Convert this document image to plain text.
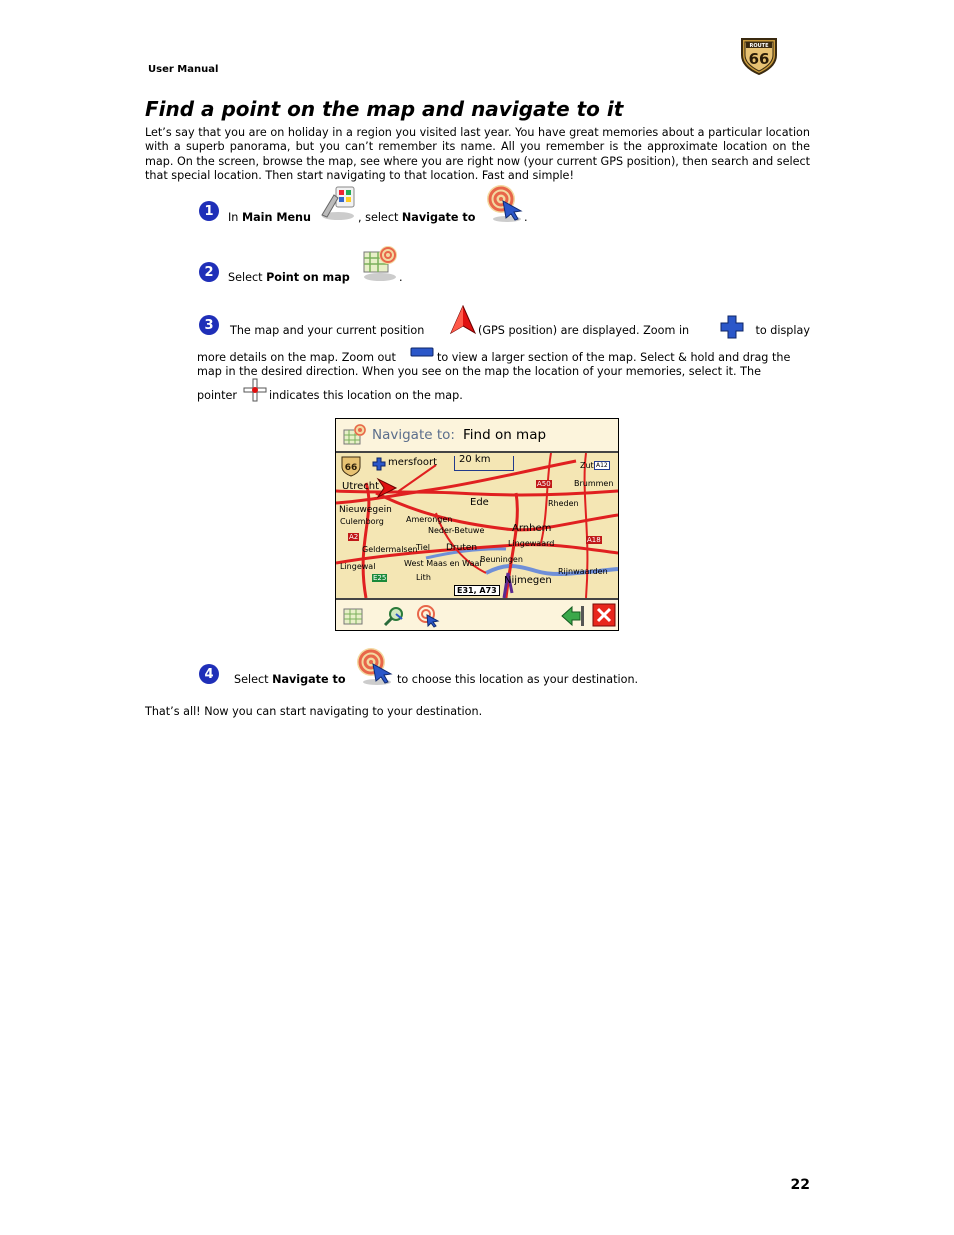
User Manual
ROUTE
66
Find a point on the map and navigate to it
Let’s say that you are on holiday in a region you visited last year. You have great memories about a particular location with a superb panorama, but you can’t remember its name. All you remember is the approximate location on the map. On the screen, browse the map, see where you are right now (your current GPS position), then search and select that special location. Then start navigating to that location. Fast and simple!
1	In Main Menu	, select Navigate to	.
2	Select Point on map	.
3	The map and your current position	(GPS position) are displayed. Zoom in	to display
more details on the map. Zoom out	to view a larger section of the map. Select & hold and drag the
map in the desired direction. When you see on the map the location of your memories, select it. The
pointer	indicates this location on the map.
Navigate to: Find on map
66
20 km
mersfoort
Utrecht
Ede
Nieuwegein
Culemborg	Amerongen
Neder-Betuwe	Arnhem
Rheden
Zut
Brummen
Geldermalsen
Tiel Druten	Lingewaard
Lingewal	West Maas en Waal
Beuningen
Nijmegen
Rijnwaarden
Lith
A50
A2	A18
A12
E25
E31, A73
4	Select Navigate to	to choose this location as your destination.
That’s all! Now you can start navigating to your destination.
22
